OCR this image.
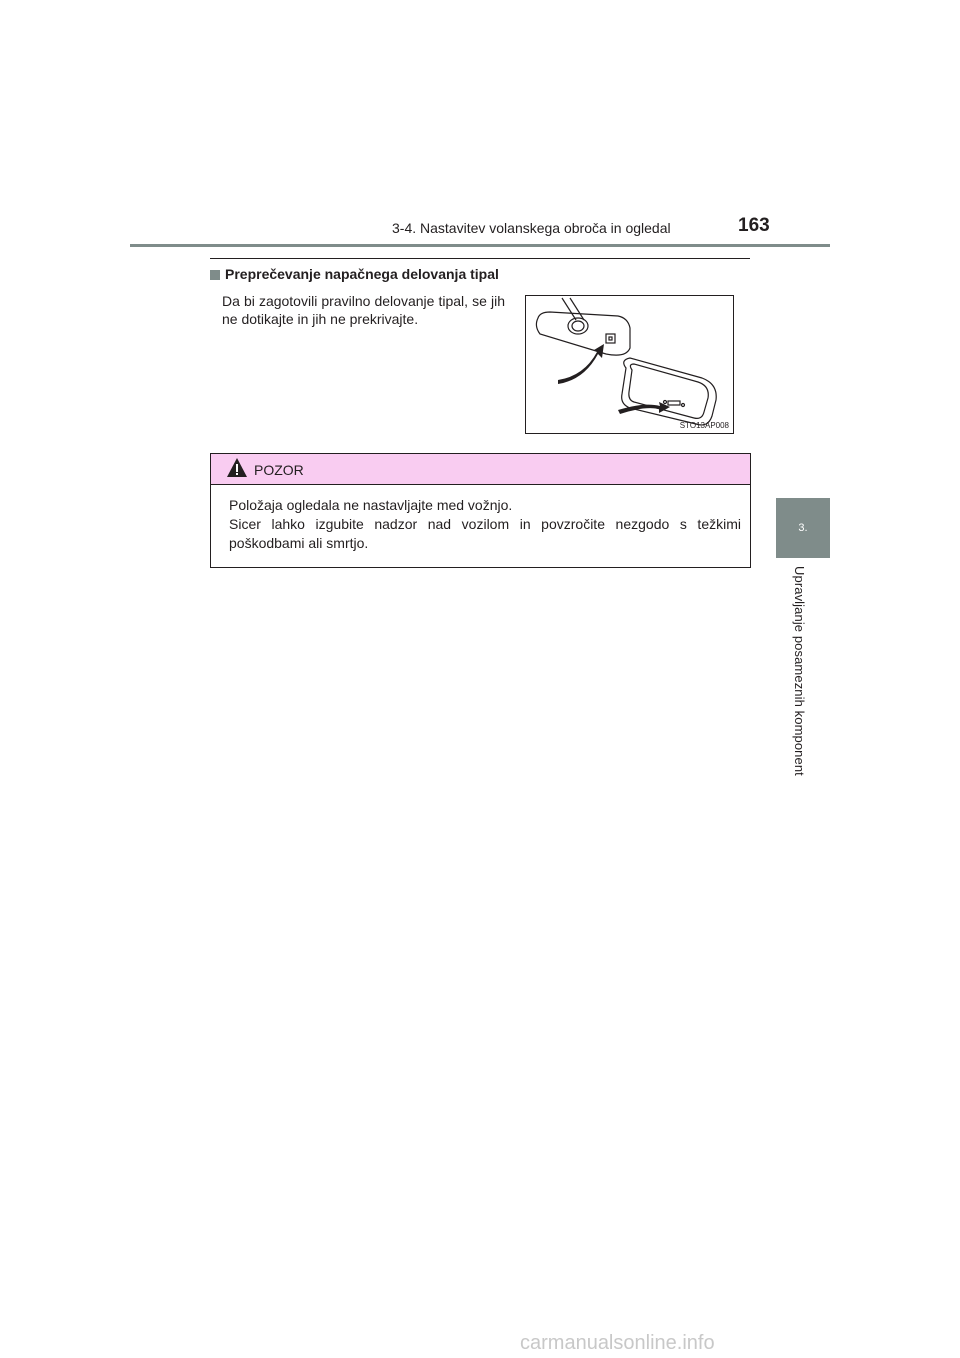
3-4. Nastavitev volanskega obroča in ogledal	163
3.
Upravljanje posameznih komponent
Preprečevanje napačnega delovanja tipal
Da bi zagotovili pravilno delovanje tipal, se jih ne dotikajte in jih ne prekrivajte.
STO13AP008
POZOR
Položaja ogledala ne nastavljajte med vožnjo.
Sicer lahko izgubite nadzor nad vozilom in povzročite nezgodo s težkimi poškodbami ali smrtjo.
carmanualsonline.info
